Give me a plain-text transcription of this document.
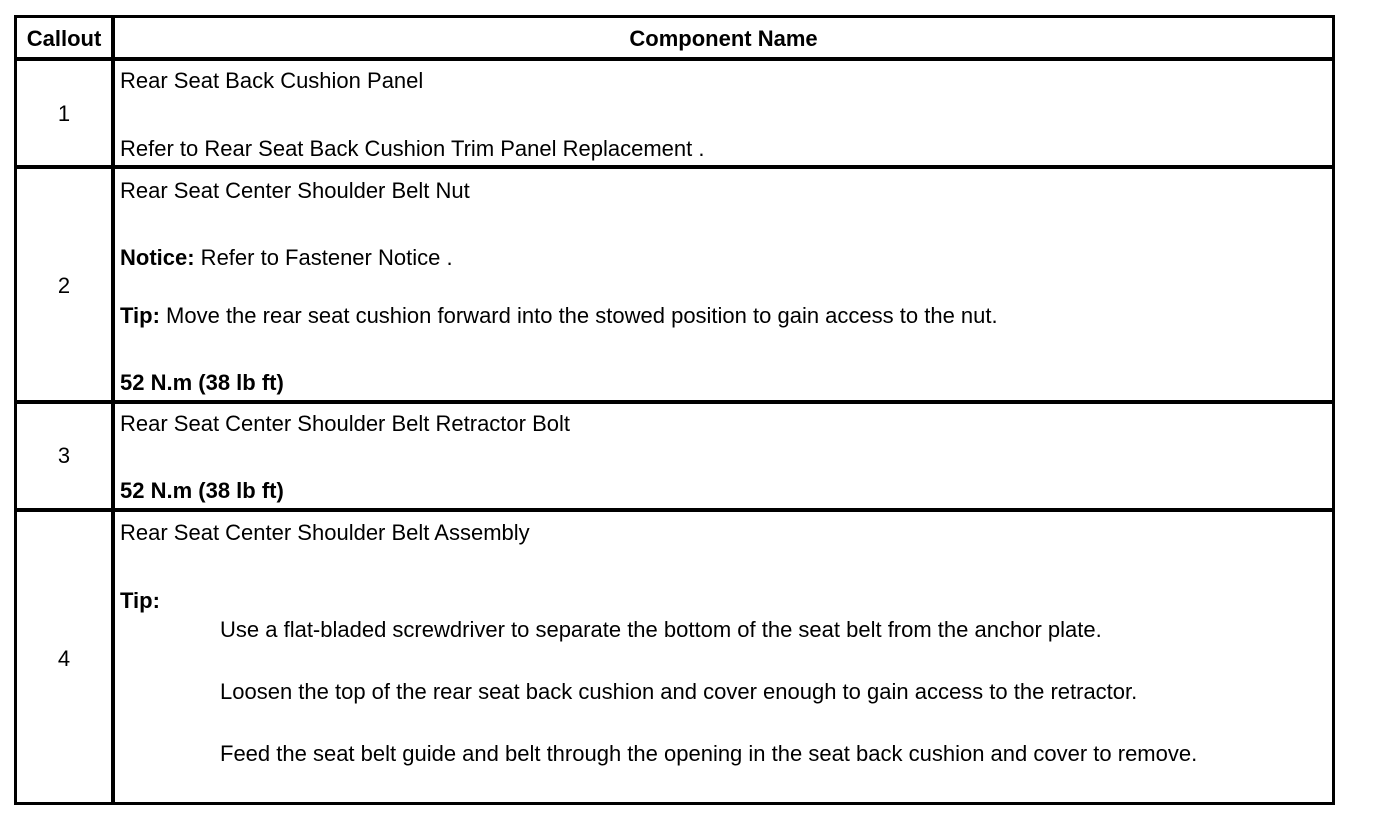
Callout	Component Name
1
Rear Seat Back Cushion Panel
Refer to Rear Seat Back Cushion Trim Panel Replacement .
2
Rear Seat Center Shoulder Belt Nut
Notice: Refer to Fastener Notice .
Tip: Move the rear seat cushion forward into the stowed position to gain access to the nut.
52 N.m (38 lb ft)
3
Rear Seat Center Shoulder Belt Retractor Bolt
52 N.m (38 lb ft)
4
Rear Seat Center Shoulder Belt Assembly
Tip:
Use a flat-bladed screwdriver to separate the bottom of the seat belt from the anchor plate.
Loosen the top of the rear seat back cushion and cover enough to gain access to the retractor.
Feed the seat belt guide and belt through the opening in the seat back cushion and cover to remove.
